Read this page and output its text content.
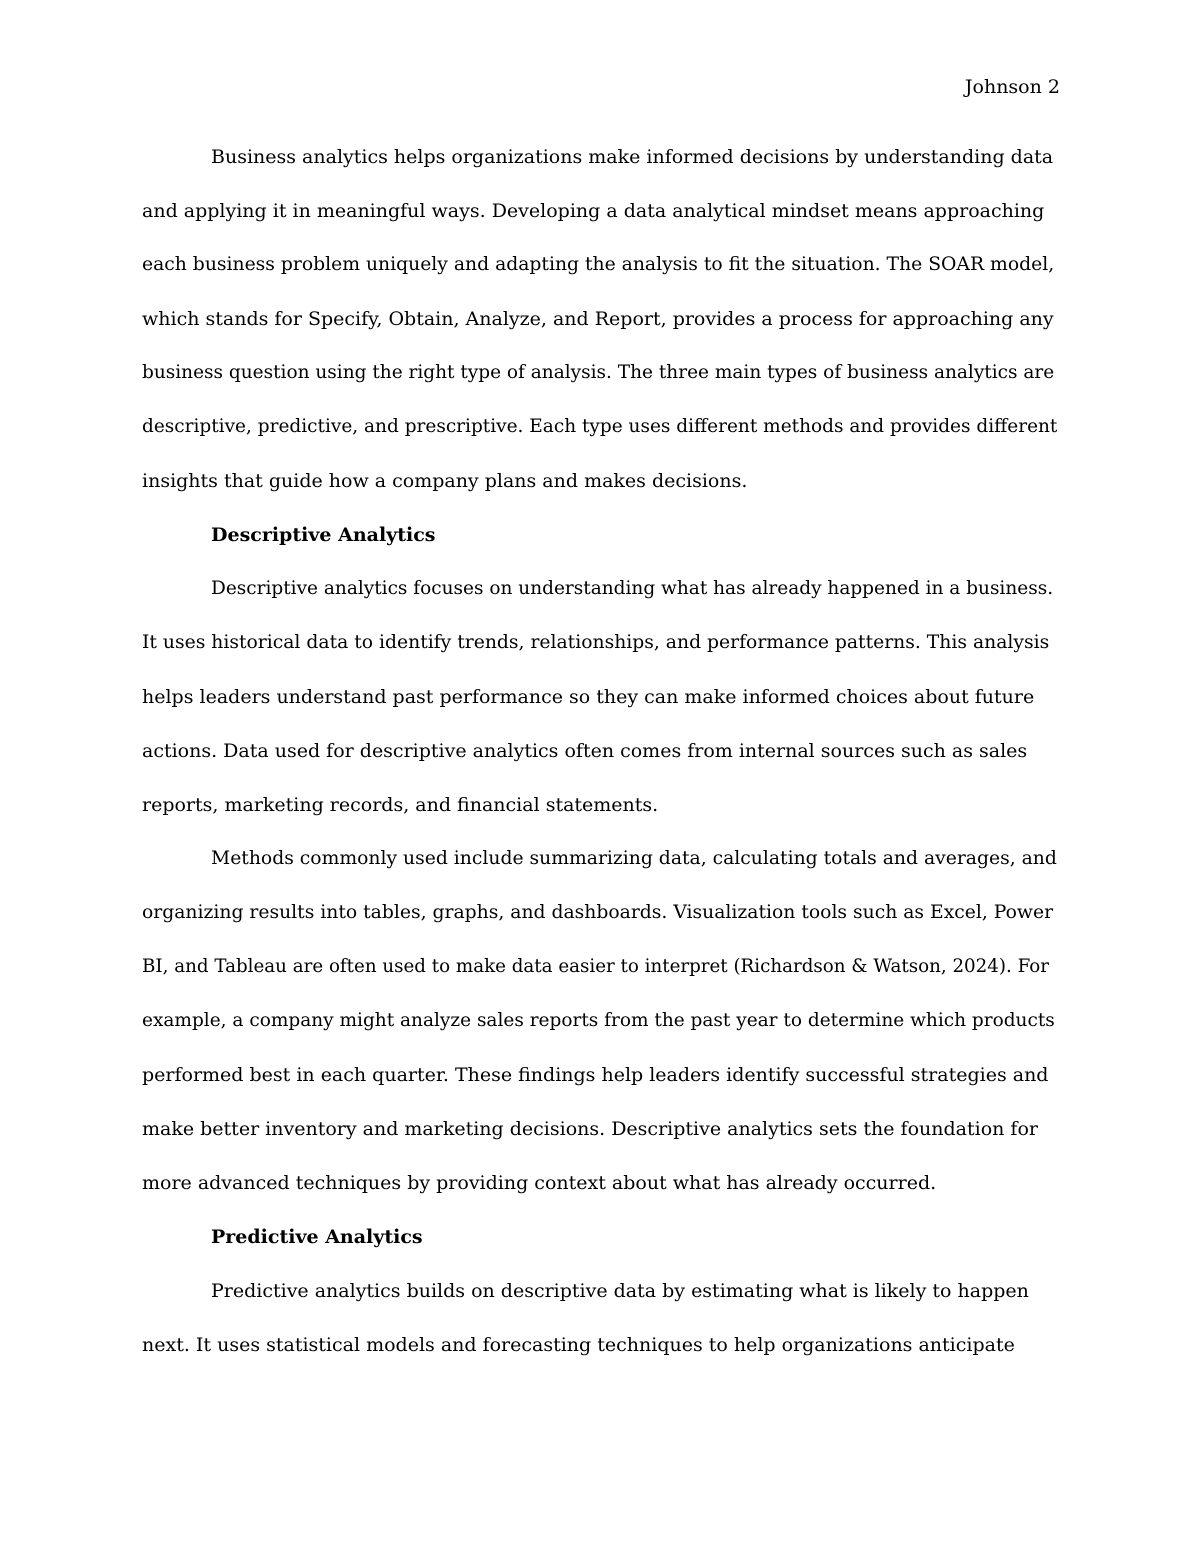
Johnson 2
Business analytics helps organizations make informed decisions by understanding data
and applying it in meaningful ways. Developing a data analytical mindset means approaching
each business problem uniquely and adapting the analysis to fit the situation. The SOAR model,
which stands for Specify, Obtain, Analyze, and Report, provides a process for approaching any
business question using the right type of analysis. The three main types of business analytics are
descriptive, predictive, and prescriptive. Each type uses different methods and provides different
insights that guide how a company plans and makes decisions.
Descriptive Analytics
Descriptive analytics focuses on understanding what has already happened in a business.
It uses historical data to identify trends, relationships, and performance patterns. This analysis
helps leaders understand past performance so they can make informed choices about future
actions. Data used for descriptive analytics often comes from internal sources such as sales
reports, marketing records, and financial statements.
Methods commonly used include summarizing data, calculating totals and averages, and
organizing results into tables, graphs, and dashboards. Visualization tools such as Excel, Power
BI, and Tableau are often used to make data easier to interpret (Richardson & Watson, 2024). For
example, a company might analyze sales reports from the past year to determine which products
performed best in each quarter. These findings help leaders identify successful strategies and
make better inventory and marketing decisions. Descriptive analytics sets the foundation for
more advanced techniques by providing context about what has already occurred.
Predictive Analytics
Predictive analytics builds on descriptive data by estimating what is likely to happen
next. It uses statistical models and forecasting techniques to help organizations anticipate
